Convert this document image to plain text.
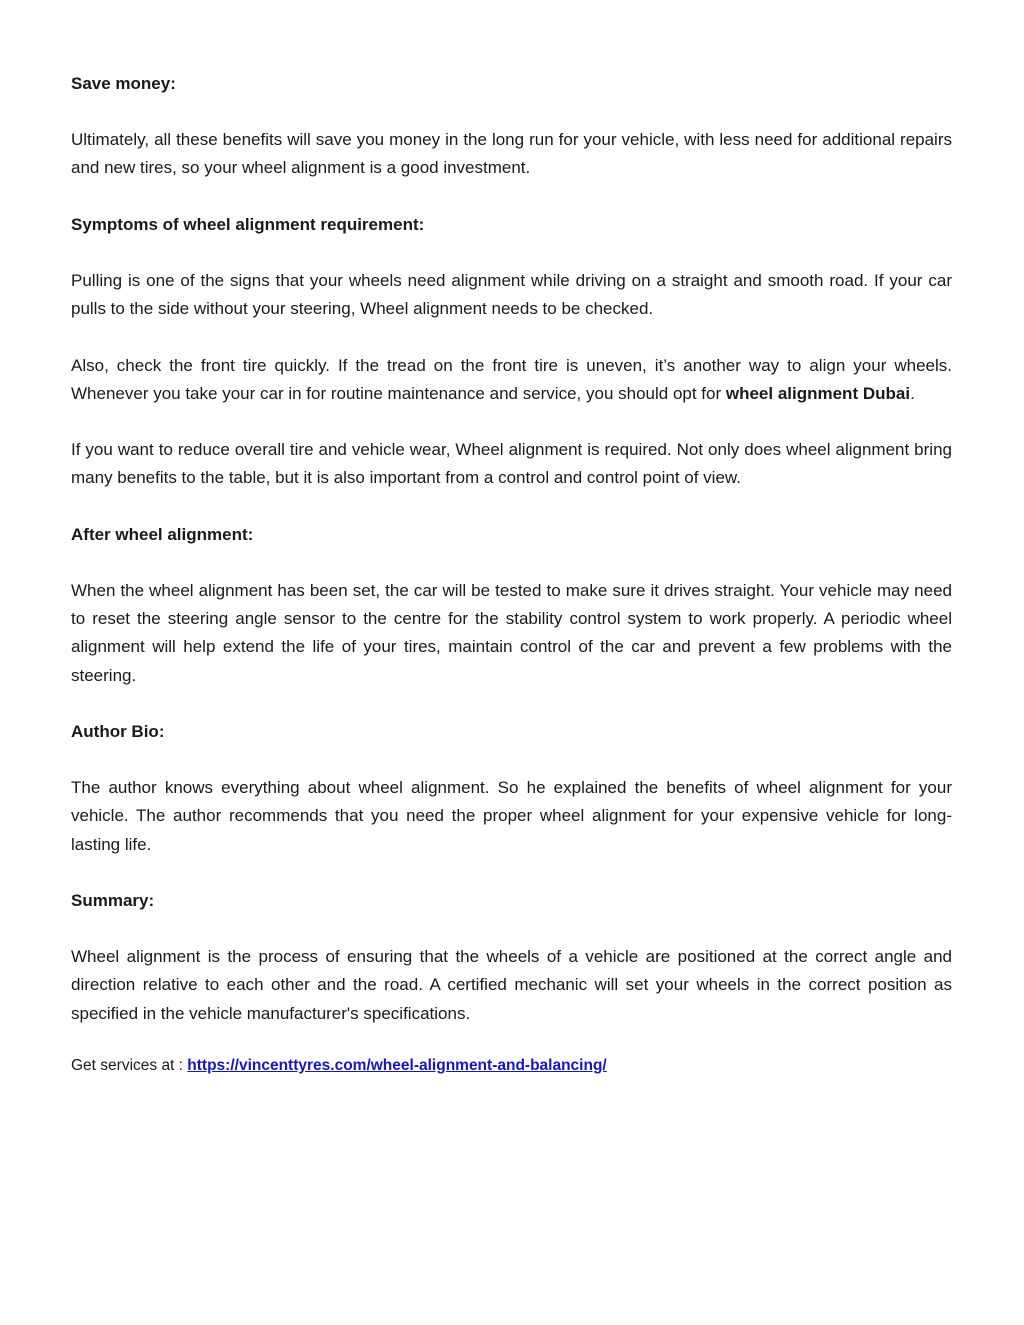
Save money:

Ultimately, all these benefits will save you money in the long run for your vehicle, with less need for additional repairs and new tires, so your wheel alignment is a good investment.

Symptoms of wheel alignment requirement:

Pulling is one of the signs that your wheels need alignment while driving on a straight and smooth road. If your car pulls to the side without your steering, Wheel alignment needs to be checked.

Also, check the front tire quickly. If the tread on the front tire is uneven, it’s another way to align your wheels. Whenever you take your car in for routine maintenance and service, you should opt for wheel alignment Dubai.

If you want to reduce overall tire and vehicle wear, Wheel alignment is required. Not only does wheel alignment bring many benefits to the table, but it is also important from a control and control point of view.

After wheel alignment:

When the wheel alignment has been set, the car will be tested to make sure it drives straight. Your vehicle may need to reset the steering angle sensor to the centre for the stability control system to work properly. A periodic wheel alignment will help extend the life of your tires, maintain control of the car and prevent a few problems with the steering.

Author Bio:

The author knows everything about wheel alignment. So he explained the benefits of wheel alignment for your vehicle. The author recommends that you need the proper wheel alignment for your expensive vehicle for long-lasting life.

Summary:

Wheel alignment is the process of ensuring that the wheels of a vehicle are positioned at the correct angle and direction relative to each other and the road. A certified mechanic will set your wheels in the correct position as specified in the vehicle manufacturer's specifications.

Get services at : https://vincenttyres.com/wheel-alignment-and-balancing/
